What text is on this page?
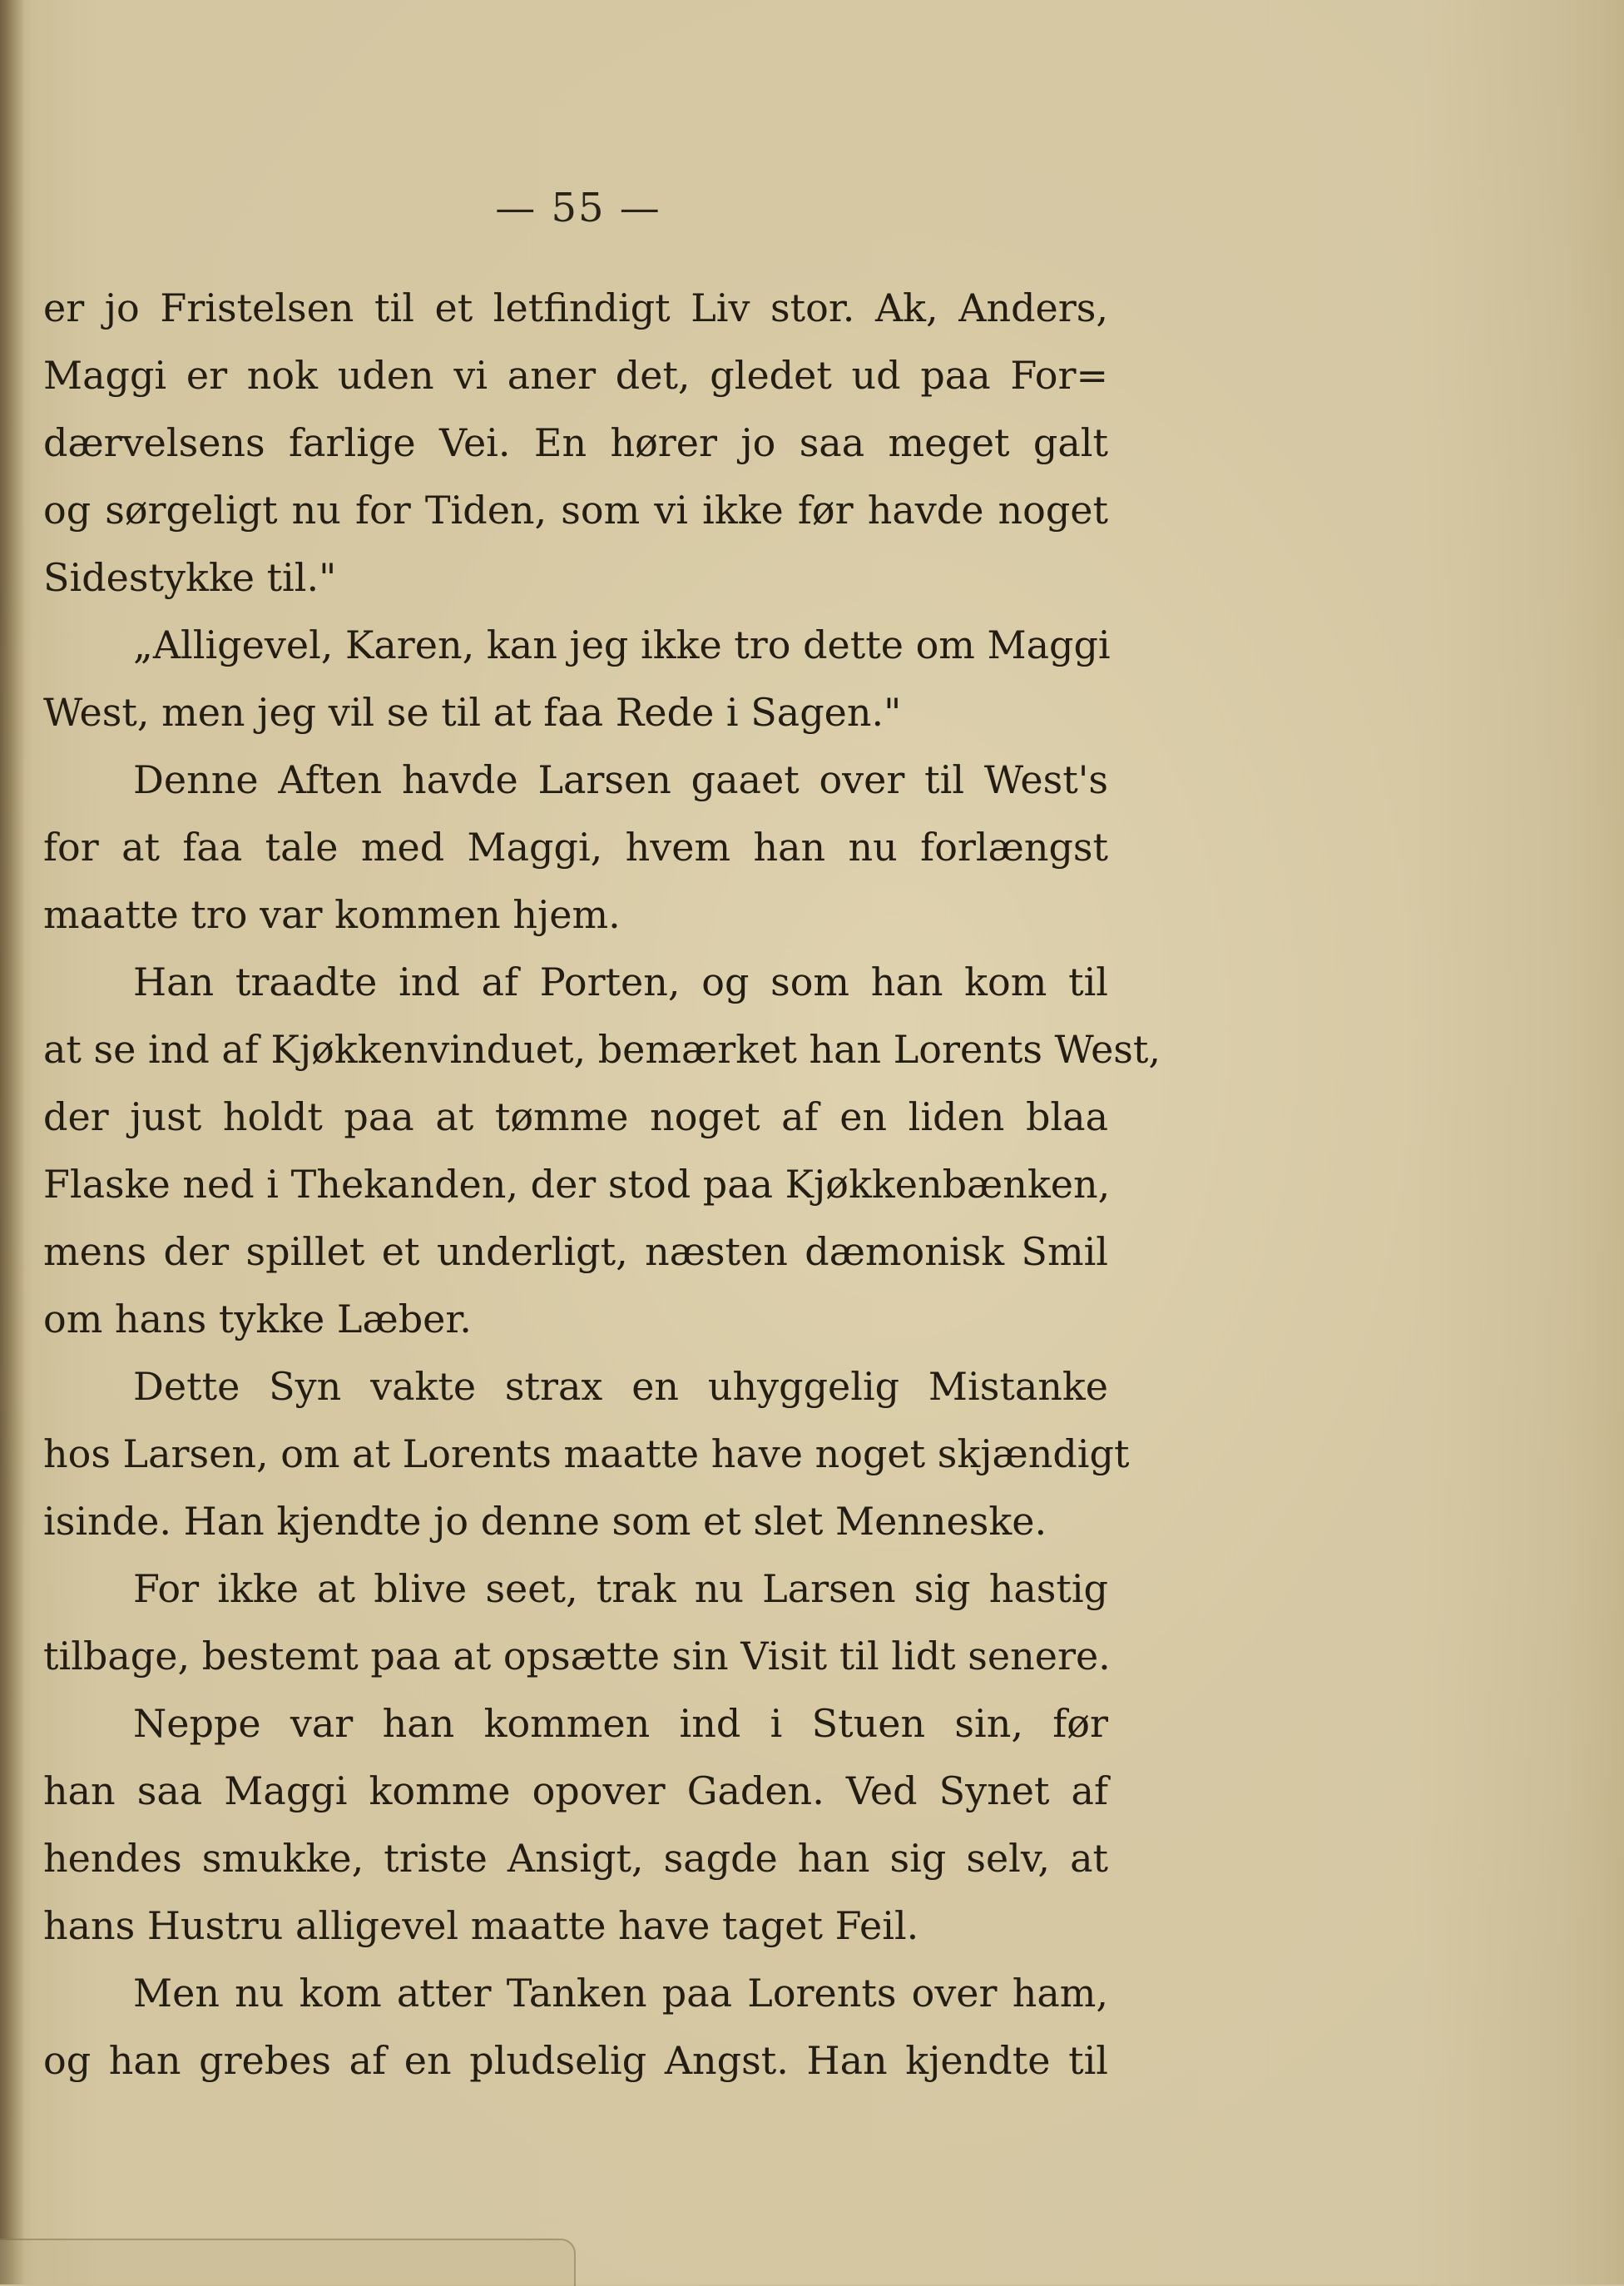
— 55 —
er jo Fristelsen til et letfindigt Liv stor. Ak, Anders,
Maggi er nok uden vi aner det, gledet ud paa For=
dærvelsens farlige Vei. En hører jo saa meget galt
og sørgeligt nu for Tiden, som vi ikke før havde noget
Sidestykke til."
„Alligevel, Karen, kan jeg ikke tro dette om Maggi
West, men jeg vil se til at faa Rede i Sagen."
Denne Aften havde Larsen gaaet over til West's
for at faa tale med Maggi, hvem han nu forlængst
maatte tro var kommen hjem.
Han traadte ind af Porten, og som han kom til
at se ind af Kjøkkenvinduet, bemærket han Lorents West,
der just holdt paa at tømme noget af en liden blaa
Flaske ned i Thekanden, der stod paa Kjøkkenbænken,
mens der spillet et underligt, næsten dæmonisk Smil
om hans tykke Læber.
Dette Syn vakte strax en uhyggelig Mistanke
hos Larsen, om at Lorents maatte have noget skjændigt
isinde. Han kjendte jo denne som et slet Menneske.
For ikke at blive seet, trak nu Larsen sig hastig
tilbage, bestemt paa at opsætte sin Visit til lidt senere.
Neppe var han kommen ind i Stuen sin, før
han saa Maggi komme opover Gaden. Ved Synet af
hendes smukke, triste Ansigt, sagde han sig selv, at
hans Hustru alligevel maatte have taget Feil.
Men nu kom atter Tanken paa Lorents over ham,
og han grebes af en pludselig Angst. Han kjendte til
